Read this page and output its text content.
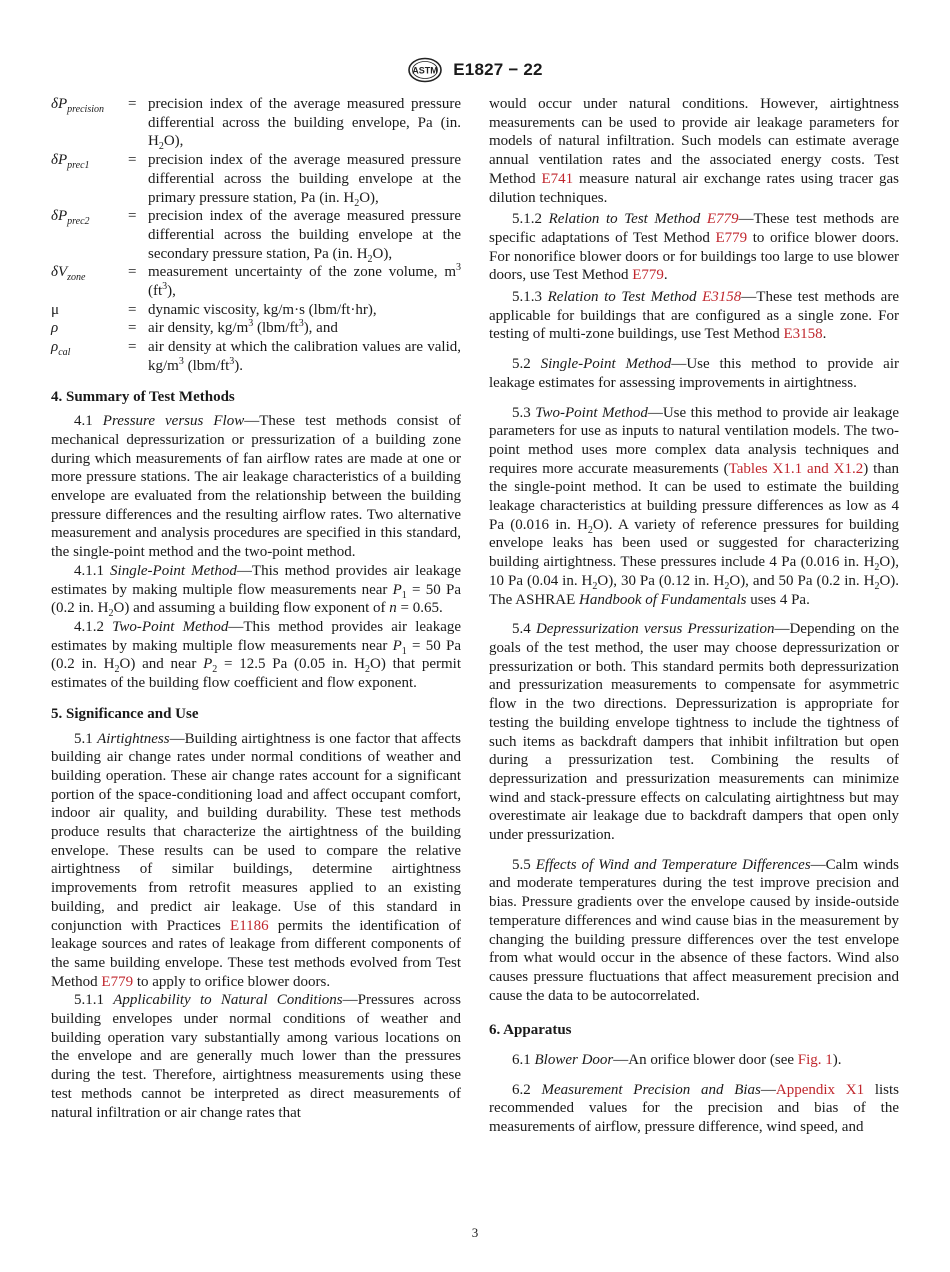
ASTM E1827 − 22
$\delta P_{precision}$	= precision index of the average measured pressure differential across the building envelope, Pa (in. $H_2O$),
$\delta P_{prec1}$	= precision index of the average measured pressure differential across the building envelope at the primary pressure station, Pa (in. $H_2O$),
$\delta P_{prec2}$	= precision index of the average measured pressure differential across the building envelope at the secondary pressure station, Pa (in. $H_2O$),
$\delta V_{zone}$	= measurement uncertainty of the zone volume, $m^3$ $(ft^3)$,
μ	= dynamic viscosity, kg/m·s (lbm/ft·hr),
ρ	= air density, $kg/m^3$ $(lbm/ft^3)$, and
$\rho_{cal}$	= air density at which the calibration values are valid, $kg/m^3$ $(lbm/ft^3)$.

4. Summary of Test Methods

4.1 Pressure versus Flow—These test methods consist of mechanical depressurization or pressurization of a building zone during which measurements of fan airflow rates are made at one or more pressure stations. The air leakage characteristics of a building envelope are evaluated from the relationship between the building pressure differences and the resulting airflow rates. Two alternative measurement and analysis procedures are specified in this standard, the single-point method and the two-point method.

4.1.1 Single-Point Method—This method provides air leakage estimates by making multiple flow measurements near $P_1 = 50$ Pa (0.2 in. $H_2O$) and assuming a building flow exponent of n = 0.65.

4.1.2 Two-Point Method—This method provides air leakage estimates by making multiple flow measurements near $P_1 = 50$ Pa (0.2 in. $H_2O$) and near $P_2 = 12.5$ Pa (0.05 in. $H_2O$) that permit estimates of the building flow coefficient and flow exponent.

5. Significance and Use

5.1 Airtightness—Building airtightness is one factor that affects building air change rates under normal conditions of weather and building operation. These air change rates account for a significant portion of the space-conditioning load and affect occupant comfort, indoor air quality, and building durability. These test methods produce results that characterize the airtightness of the building envelope. These results can be used to compare the relative airtightness of similar buildings, determine airtightness improvements from retrofit measures applied to an existing building, and predict air leakage. Use of this standard in conjunction with Practices E1186 permits the identification of leakage sources and rates of leakage from different components of the same building envelope. These test methods evolved from Test Method E779 to apply to orifice blower doors.

5.1.1 Applicability to Natural Conditions—Pressures across building envelopes under normal conditions of weather and building operation vary substantially among various locations on the envelope and are generally much lower than the pressures during the test. Therefore, airtightness measurements using these test methods cannot be interpreted as direct measurements of natural infiltration or air change rates that

would occur under natural conditions. However, airtightness measurements can be used to provide air leakage parameters for models of natural infiltration. Such models can estimate average annual ventilation rates and the associated energy costs. Test Method E741 measure natural air exchange rates using tracer gas dilution techniques.

5.1.2 Relation to Test Method E779—These test methods are specific adaptations of Test Method E779 to orifice blower doors. For nonorifice blower doors or for buildings too large to use blower doors, use Test Method E779.

5.1.3 Relation to Test Method E3158—These test methods are applicable for buildings that are configured as a single zone. For testing of multi-zone buildings, use Test Method E3158.

5.2 Single-Point Method—Use this method to provide air leakage estimates for assessing improvements in airtightness.

5.3 Two-Point Method—Use this method to provide air leakage parameters for use as inputs to natural ventilation models. The two-point method uses more complex data analysis techniques and requires more accurate measurements (Tables X1.1 and X1.2) than the single-point method. It can be used to estimate the building leakage characteristics at building pressure differences as low as 4 Pa (0.016 in. $H_2O$). A variety of reference pressures for building envelope leaks has been used or suggested for characterizing building airtightness. These pressures include 4 Pa (0.016 in. $H_2O$), 10 Pa (0.04 in. $H_2O$), 30 Pa (0.12 in. $H_2O$), and 50 Pa (0.2 in. $H_2O$). The ASHRAE Handbook of Fundamentals uses 4 Pa.

5.4 Depressurization versus Pressurization—Depending on the goals of the test method, the user may choose depressurization or pressurization or both. This standard permits both depressurization and pressurization measurements to compensate for asymmetric flow in the two directions. Depressurization is appropriate for testing the building envelope tightness to include the tightness of such items as backdraft dampers that inhibit infiltration but open during a pressurization test. Combining the results of depressurization and pressurization measurements can minimize wind and stack-pressure effects on calculating airtightness but may overestimate air leakage due to backdraft dampers that open only under pressurization.

5.5 Effects of Wind and Temperature Differences—Calm winds and moderate temperatures during the test improve precision and bias. Pressure gradients over the envelope caused by inside-outside temperature differences and wind cause bias in the measurement by changing the building pressure differences over the test envelope from what would occur in the absence of these factors. Wind also causes pressure fluctuations that affect measurement precision and cause the data to be autocorrelated.

6. Apparatus

6.1 Blower Door—An orifice blower door (see Fig. 1).

6.2 Measurement Precision and Bias—Appendix X1 lists recommended values for the precision and bias of the measurements of airflow, pressure difference, wind speed, and

3
